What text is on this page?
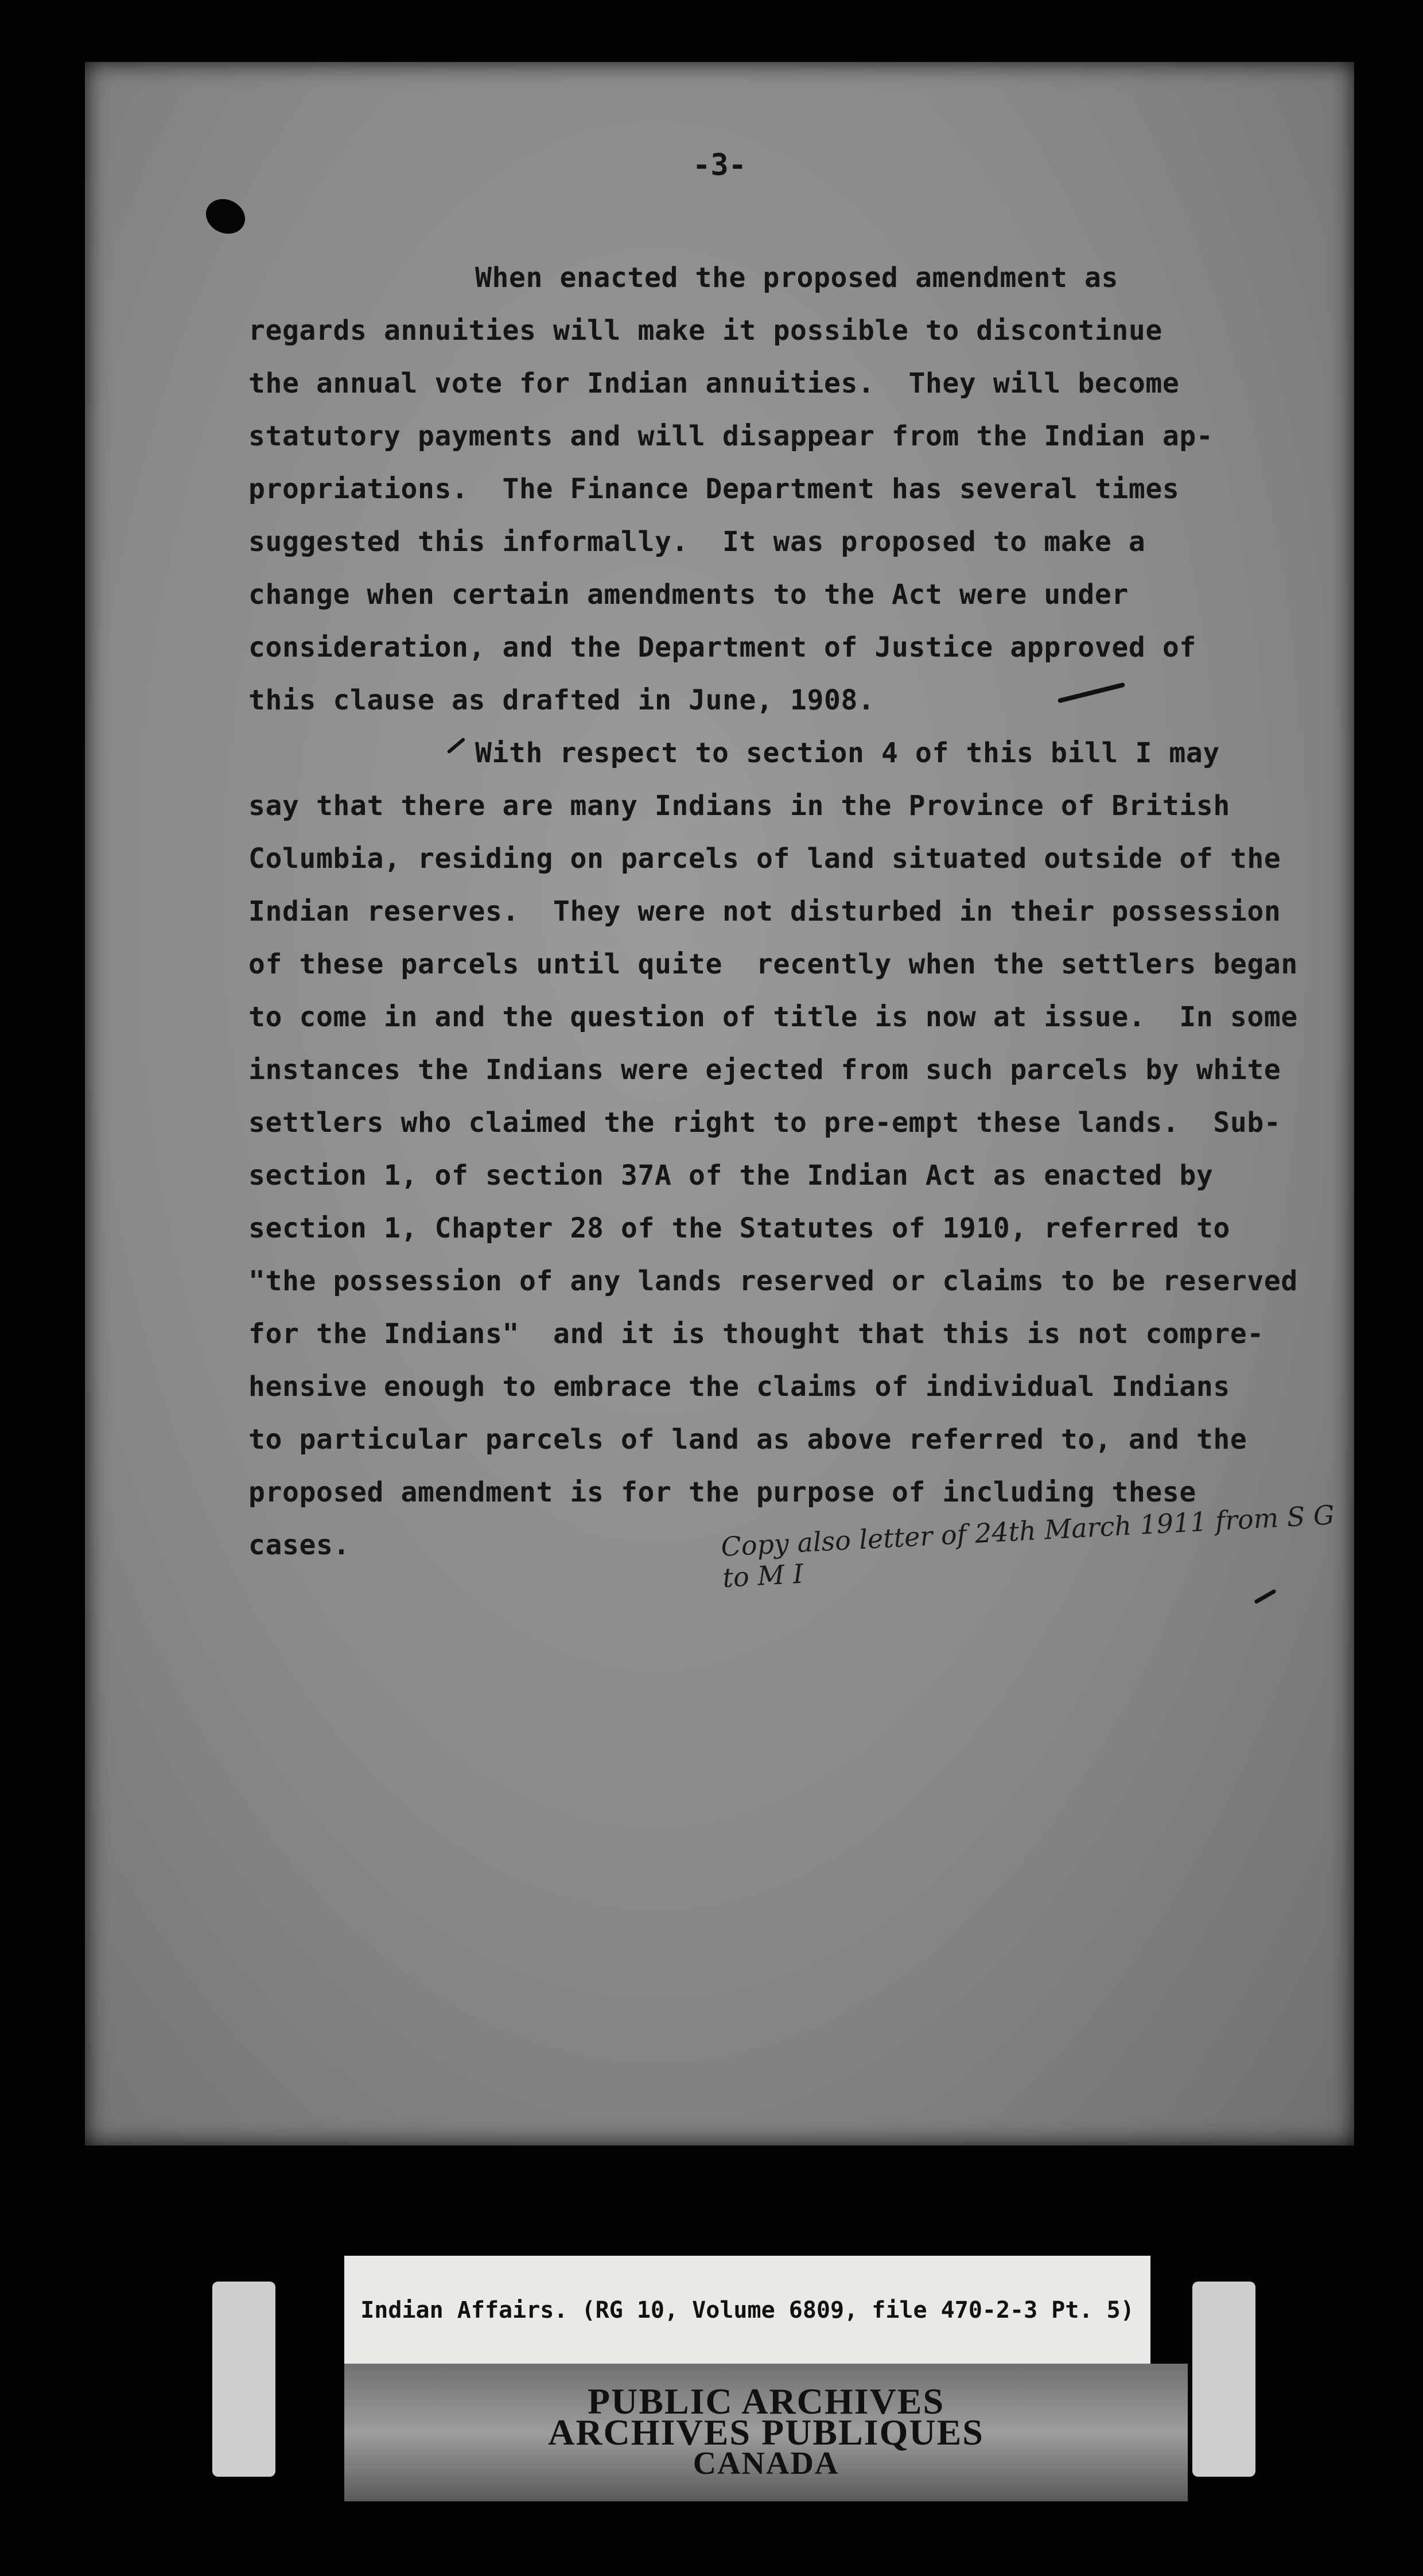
-3-
When enacted the proposed amendment as
regards annuities will make it possible to discontinue
the annual vote for Indian annuities.  They will become
statutory payments and will disappear from the Indian ap-
propriations.  The Finance Department has several times
suggested this informally.  It was proposed to make a
change when certain amendments to the Act were under
consideration, and the Department of Justice approved of
this clause as drafted in June, 1908.
With respect to section 4 of this bill I may
say that there are many Indians in the Province of British
Columbia, residing on parcels of land situated outside of the
Indian reserves.  They were not disturbed in their possession
of these parcels until quite  recently when the settlers began
to come in and the question of title is now at issue.  In some
instances the Indians were ejected from such parcels by white
settlers who claimed the right to pre-empt these lands.  Sub-
section 1, of section 37A of the Indian Act as enacted by
section 1, Chapter 28 of the Statutes of 1910, referred to
"the possession of any lands reserved or claims to be reserved
for the Indians"  and it is thought that this is not compre-
hensive enough to embrace the claims of individual Indians
to particular parcels of land as above referred to, and the
proposed amendment is for the purpose of including these
cases.	Copy also letter of 24th March 1911 from S G to M I
Indian Affairs. (RG 10, Volume 6809, file 470-2-3 Pt. 5)
PUBLIC ARCHIVES
ARCHIVES PUBLIQUES
CANADA
